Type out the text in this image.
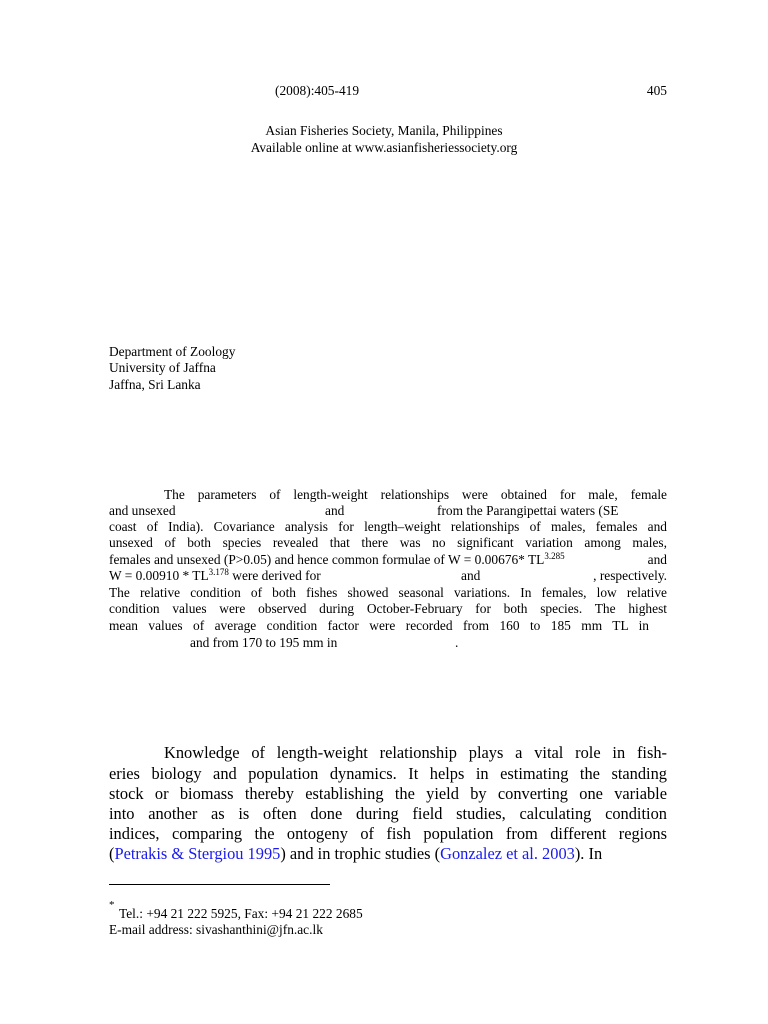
(2008):405-419	405
Asian Fisheries Society, Manila, Philippines
Available online at www.asianfisheriessociety.org
Department of Zoology
University of Jaffna
Jaffna, Sri Lanka
The parameters of length-weight relationships were obtained for male, female
and unsexed	and	from the Parangipettai waters (SE
coast of India). Covariance analysis for length–weight relationships of males, females and
unsexed of both species revealed that there was no significant variation among males,
females and unsexed (P>0.05) and hence common formulae of W = 0.00676* $TL^{3.285}$	and
$W = 0.00910 * TL^{3.178}$ were derived for	and	, respectively.
The relative condition of both fishes showed seasonal variations. In females, low relative
condition values were observed during October-February for both species. The highest
mean values of average condition factor were recorded from 160 to 185 mm TL in
and from 170 to 195 mm in	.
Knowledge of length-weight relationship plays a vital role in fish-
eries biology and population dynamics. It helps in estimating the standing
stock or biomass thereby establishing the yield by converting one variable
into another as is often done during field studies, calculating condition
indices, comparing the ontogeny of fish population from different regions
(Petrakis & Stergiou 1995) and in trophic studies (Gonzalez et al. 2003). In
*
Tel.: +94 21 222 5925, Fax: +94 21 222 2685
E-mail address: sivashanthini@jfn.ac.lk
